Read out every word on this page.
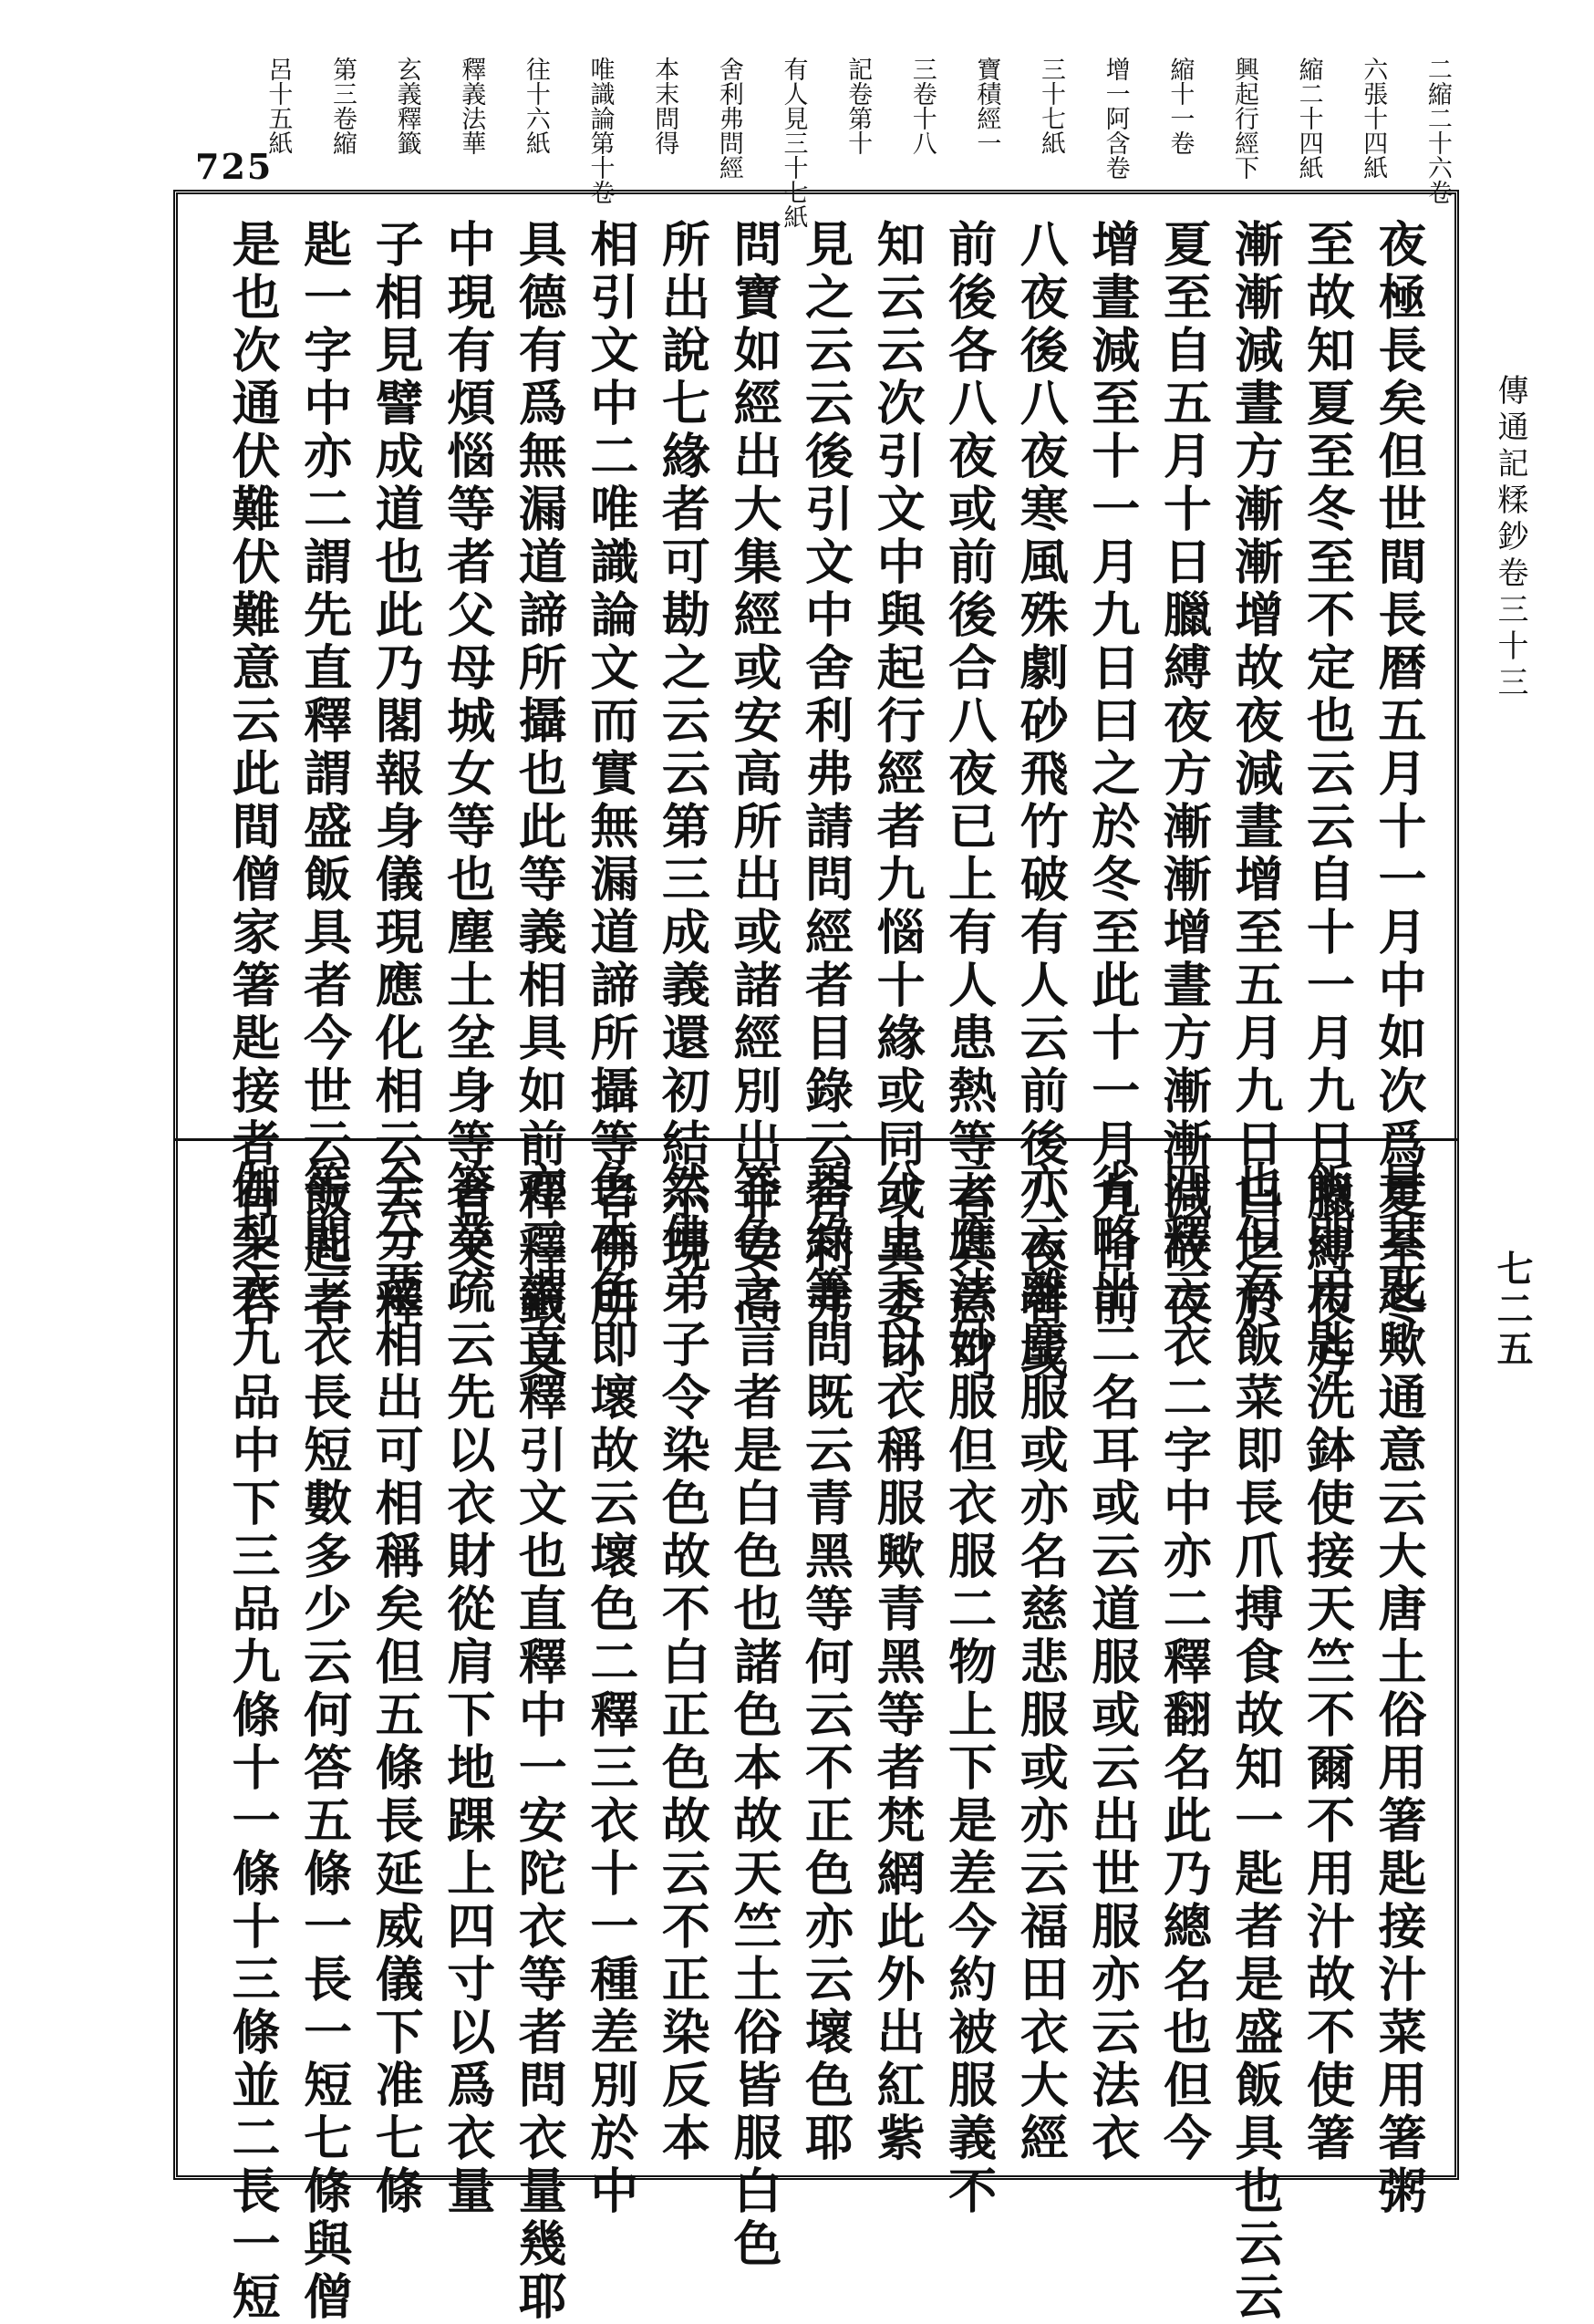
725
傳通記糅鈔卷三十三
七二五
二縮二十六卷
六張十四紙
縮二十四紙
興起行經下
縮十一卷
增一阿含卷
三十七紙
寶積經一
三卷十八
記卷第十
有人見三十七紙
舍利弗問經
本末問得
唯識論第十卷
往十六紙
釋義法華
玄義釋籤
第三卷縮
呂十五紙
夜極長矣但世間長暦五月十一月中如次爲夏至冬
至故知夏至冬至不定也云云自十一月九日臘縛夜方
漸漸減晝方漸漸增故夜減晝增至五月九日曰之於
夏至自五月十日臘縛夜方漸漸增晝方漸漸減故夜
增晝減至十一月九日曰之於冬至此十一月九日前
八夜後八夜寒風殊劇砂飛竹破有人云前後八夜者或
前後各八夜或前後合八夜已上有人患熱等者其意可
知云云次引文中與起行經者九惱十緣或同或異委可
見之云云後引文中舍利弗請問經者目錄云舍利弗
問寶如經出大集經或安高所出或諸經別出非安高
所出說七緣者可勘之云云第三成義還初結示現
相引文中二唯識論文而實無漏道諦所攝等者佛所
具德有爲無漏道諦所攝也此等義相具如前釋釋籤文
中現有煩惱等者父母城女等也塵土坌身等者父
子相見譬成道也此乃閣報身儀現應化相云云三釋
匙一字中亦二謂先直釋謂盛飯具者今世云飯匙者
是也次通伏難伏難意云此間僧家箸匙接者有之若
是其匙歟通意云大唐土俗用箸匙接汁菜用箸粥
飯即用匙洗鉢使接天竺不爾不用汁故不使箸
也但有飯菜即長爪搏食故知一匙者是盛飯具也云云
四釋三衣二字中亦二釋翻名此乃總名也但今
省略出二名耳或云道服或云出世服亦云法衣
亦云離塵服或亦名慈悲服或亦云福田衣大經
云應法妙服但衣服二物上下是差今約被服義不
分上下以衣稱服歟青黑等者梵網此外出紅紫
碧綠等問既云青黑等何云不正色亦云壞色耶
答色之言者是白色也諸色本故天竺土俗皆服白色
然佛弟子令染色故不白正色故云不正染反本
色本色即壞故云壞色二釋三衣十一種差別於中
亦二謂直釋引文也直釋中一安陀衣等者問衣量幾耶
答業疏云先以衣財從肩下地踝上四寸以爲衣量
全分菜相出可相稱矣但五條長延威儀下准七條
等問三衣長短數多少云何答五條一長一短七條與僧
伽梨衣九品中下三品九條十一條十三條並二長一短
